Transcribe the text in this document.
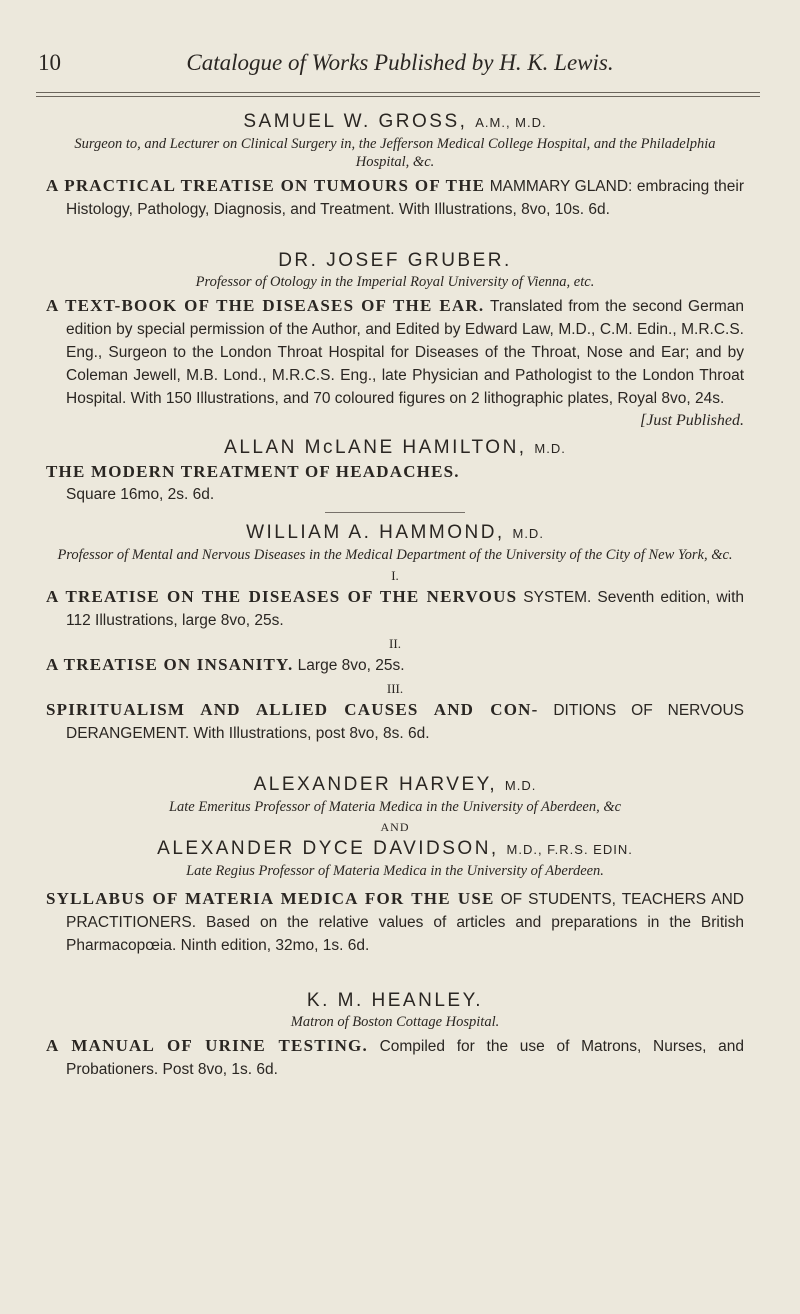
10	Catalogue of Works Published by H. K. Lewis.

SAMUEL W. GROSS, A.M., M.D.

Surgeon to, and Lecturer on Clinical Surgery in, the Jefferson Medical College Hospital, and the Philadelphia Hospital, &c.

A PRACTICAL TREATISE ON TUMOURS OF THE MAMMARY GLAND: embracing their Histology, Pathology, Diagnosis, and Treatment. With Illustrations, 8vo, 10s. 6d.

DR. JOSEF GRUBER.

Professor of Otology in the Imperial Royal University of Vienna, etc.

A TEXT-BOOK OF THE DISEASES OF THE EAR. Translated from the second German edition by special permission of the Author, and Edited by Edward Law, M.D., C.M. Edin., M.R.C.S. Eng., Surgeon to the London Throat Hospital for Diseases of the Throat, Nose and Ear; and by Coleman Jewell, M.B. Lond., M.R.C.S. Eng., late Physician and Pathologist to the London Throat Hospital. With 150 Illustrations, and 70 coloured figures on 2 lithographic plates, Royal 8vo, 24s.
[Just Published.

ALLAN McLANE HAMILTON, M.D.

THE MODERN TREATMENT OF HEADACHES.
Square 16mo, 2s. 6d.

WILLIAM A. HAMMOND, M.D.

Professor of Mental and Nervous Diseases in the Medical Department of the University of the City of New York, &c.

I.

A TREATISE ON THE DISEASES OF THE NERVOUS SYSTEM. Seventh edition, with 112 Illustrations, large 8vo, 25s.

II.

A TREATISE ON INSANITY. Large 8vo, 25s.

III.

SPIRITUALISM AND ALLIED CAUSES AND CON- DITIONS OF NERVOUS DERANGEMENT. With Illustrations, post 8vo, 8s. 6d.

ALEXANDER HARVEY, M.D.

Late Emeritus Professor of Materia Medica in the University of Aberdeen, &c

AND

ALEXANDER DYCE DAVIDSON, M.D., F.R.S. EDIN.

Late Regius Professor of Materia Medica in the University of Aberdeen.

SYLLABUS OF MATERIA MEDICA FOR THE USE OF STUDENTS, TEACHERS AND PRACTITIONERS. Based on the relative values of articles and preparations in the British Pharmacopœia. Ninth edition, 32mo, 1s. 6d.

K. M. HEANLEY.

Matron of Boston Cottage Hospital.

A MANUAL OF URINE TESTING. Compiled for the use of Matrons, Nurses, and Probationers. Post 8vo, 1s. 6d.
